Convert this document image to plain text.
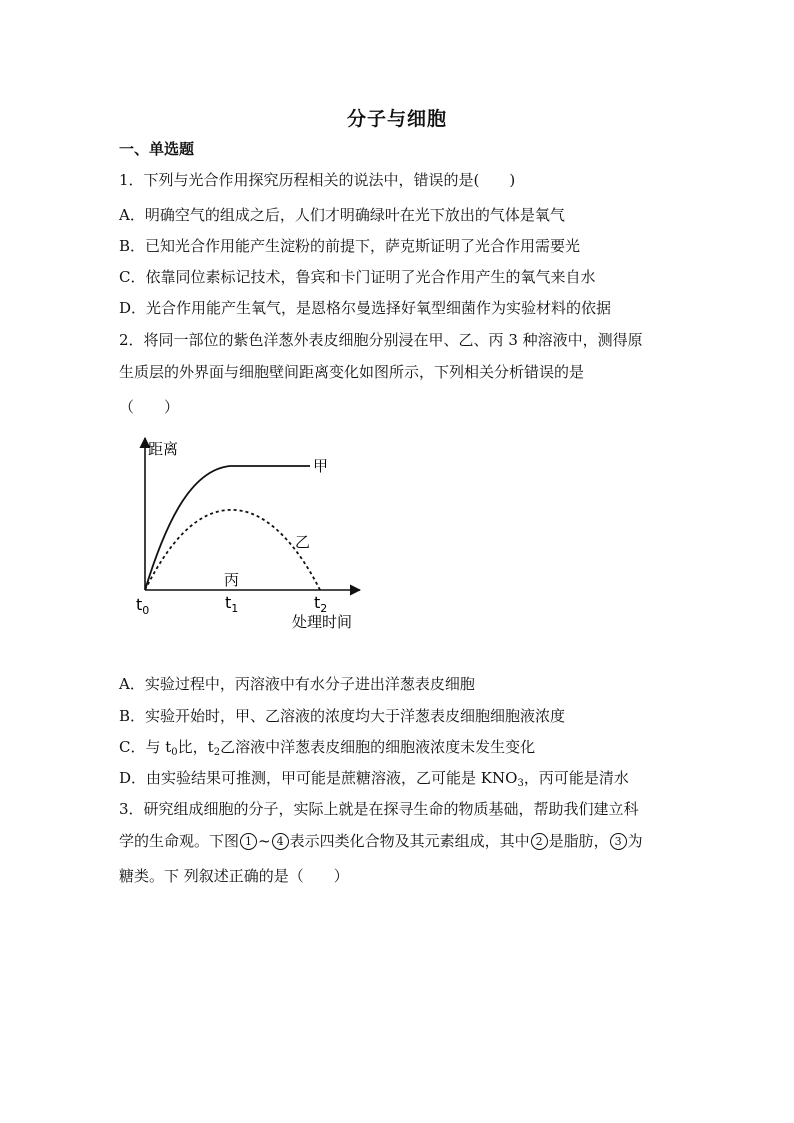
分子与细胞
一、单选题
1．下列与光合作用探究历程相关的说法中，错误的是(　　)
A．明确空气的组成之后，人们才明确绿叶在光下放出的气体是氧气
B．已知光合作用能产生淀粉的前提下，萨克斯证明了光合作用需要光
C．依靠同位素标记技术，鲁宾和卡门证明了光合作用产生的氧气来自水
D．光合作用能产生氧气，是恩格尔曼选择好氧型细菌作为实验材料的依据
2．将同一部位的紫色洋葱外表皮细胞分别浸在甲、乙、丙 3 种溶液中，测得原
生质层的外界面与细胞壁间距离变化如图所示，下列相关分析错误的是
（　　）
距离
甲
乙
丙
$t_0$	$t_1$	$t_2$
处理时间
A．实验过程中，丙溶液中有水分子进出洋葱表皮细胞
B．实验开始时，甲、乙溶液的浓度均大于洋葱表皮细胞细胞液浓度
C．与 $t_0$比，$t_2$乙溶液中洋葱表皮细胞的细胞液浓度未发生变化
D．由实验结果可推测，甲可能是蔗糖溶液，乙可能是 $KNO_3$，丙可能是清水
3．研究组成细胞的分子，实际上就是在探寻生命的物质基础，帮助我们建立科
学的生命观。下图 1 ~ 4 表示四类化合物及其元素组成，其中 2 是脂肪， 3 为
糖类。下 列叙述正确的是（　　）
